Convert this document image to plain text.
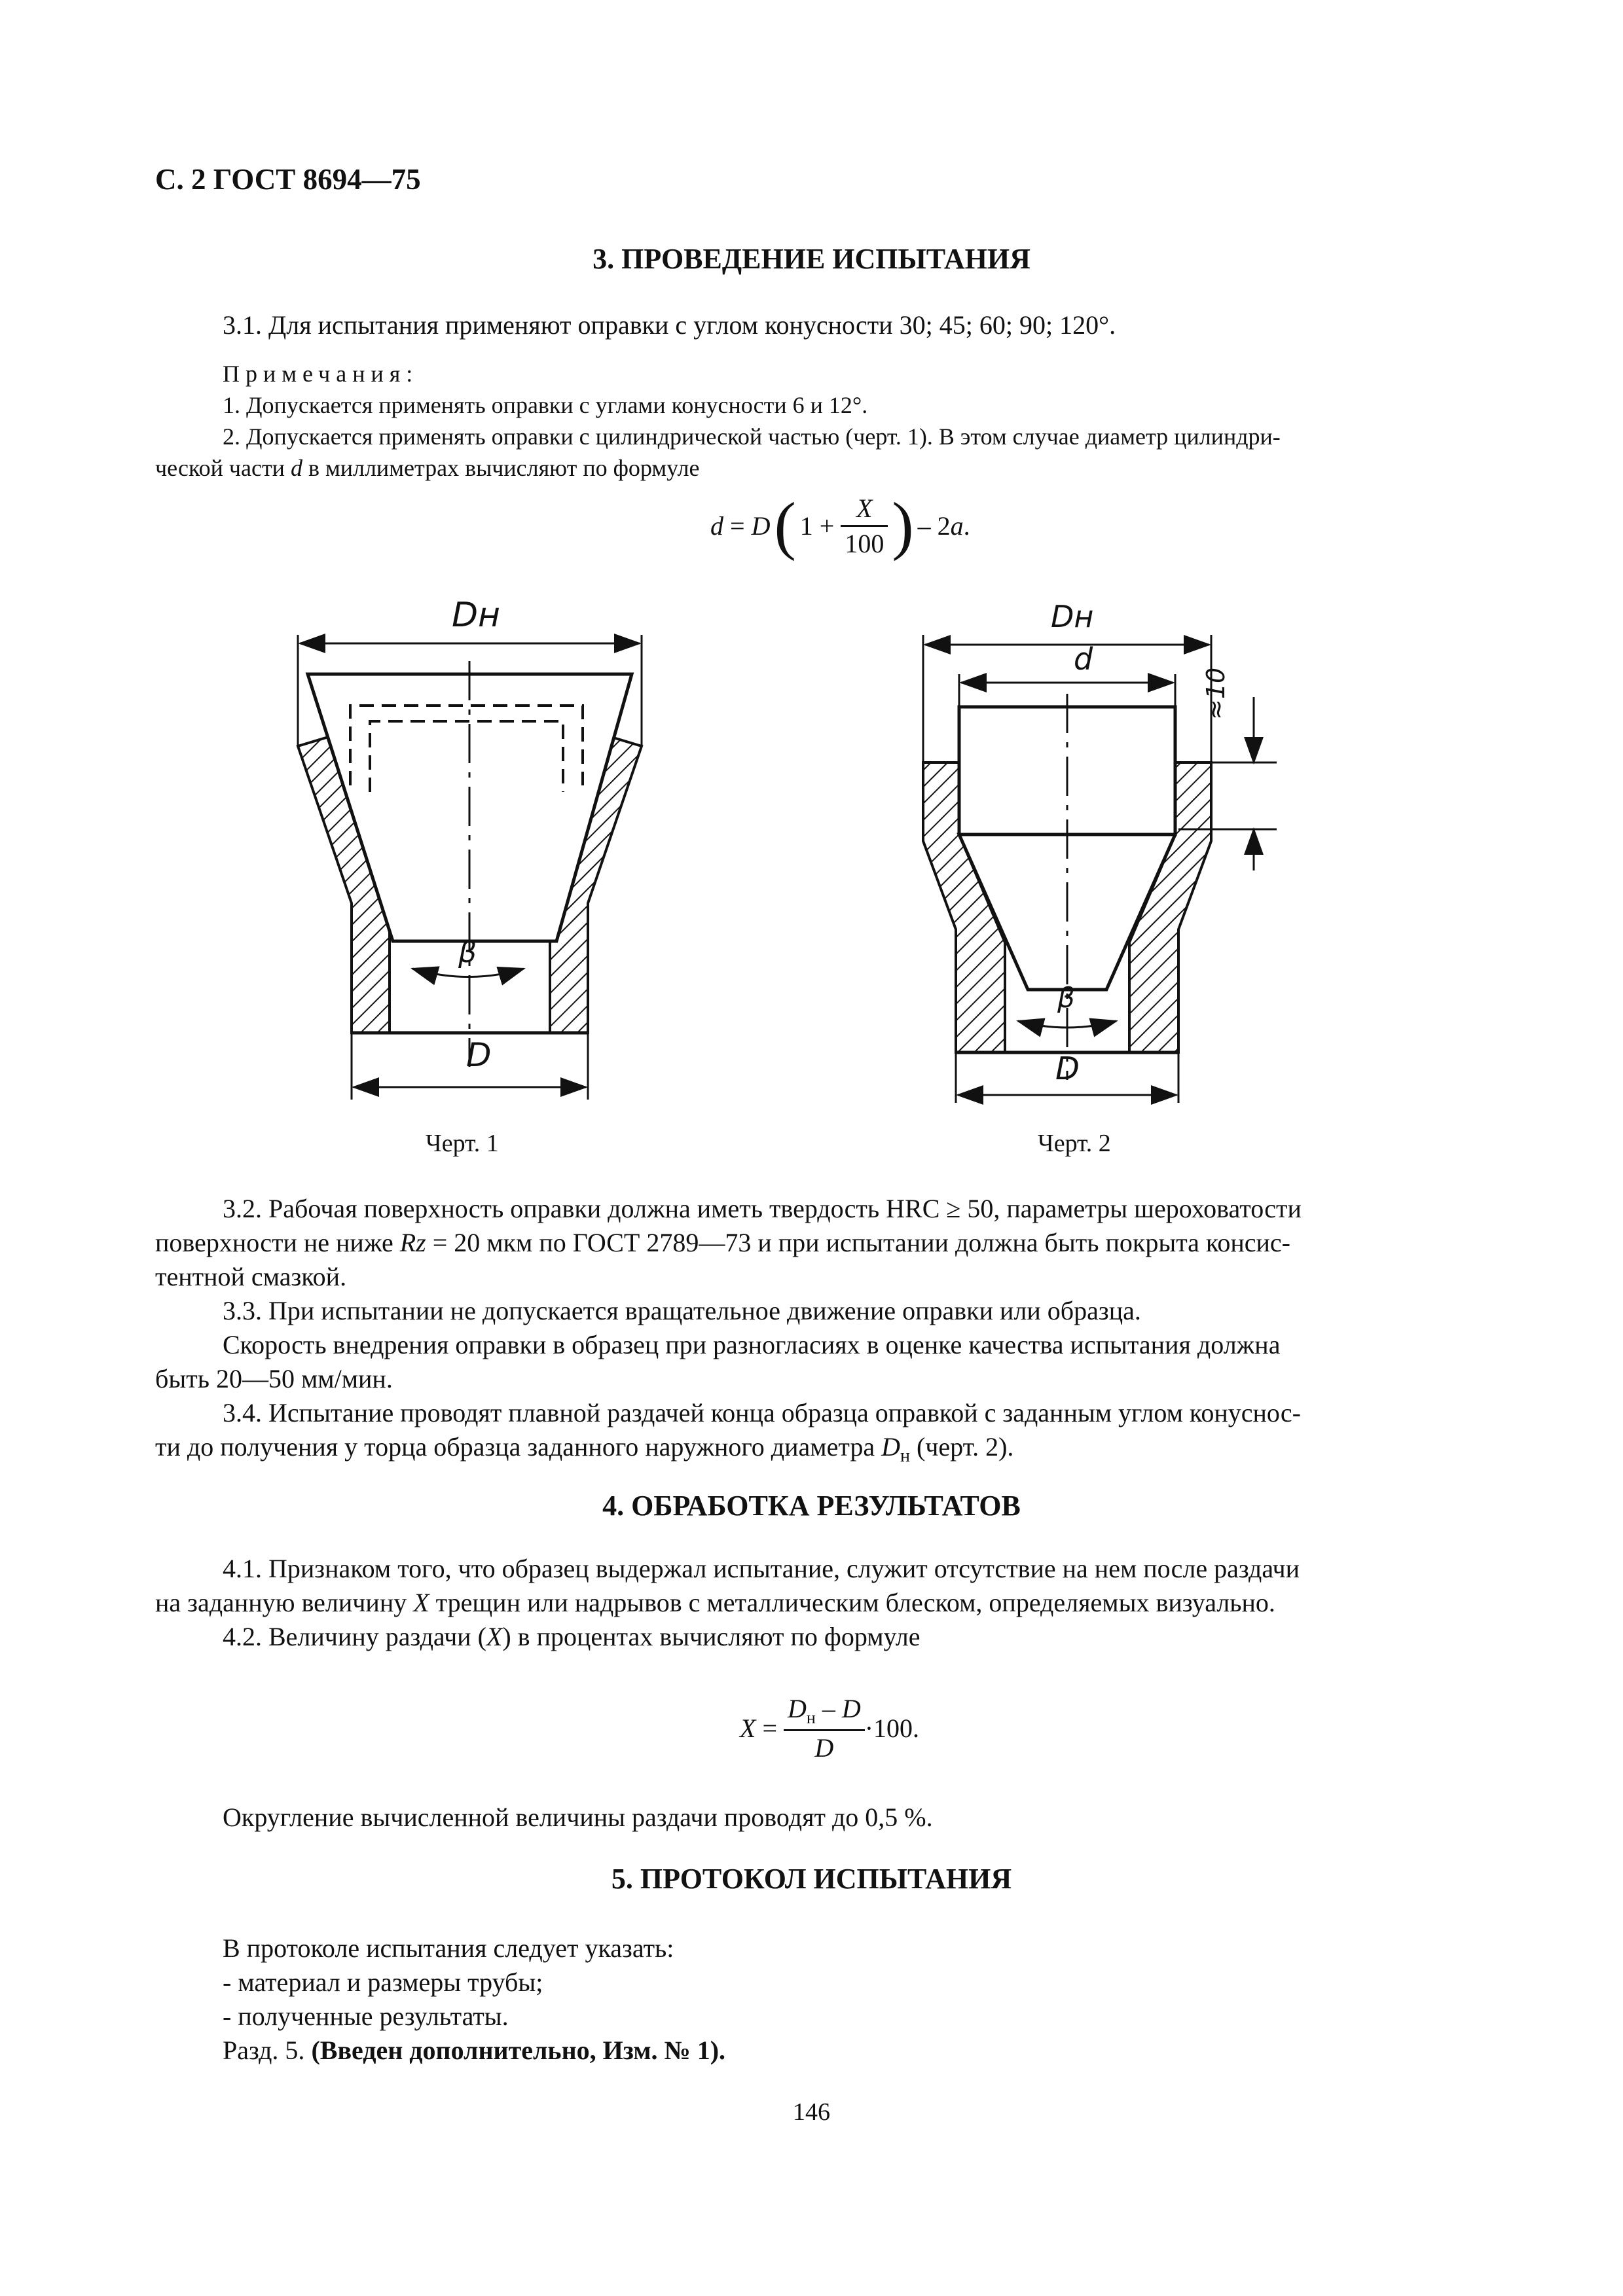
С. 2 ГОСТ 8694—75
3. ПРОВЕДЕНИЕ ИСПЫТАНИЯ
3.1. Для испытания применяют оправки с углом конусности 30; 45; 60; 90; 120°.
Примечания:
1. Допускается применять оправки с углами конусности 6 и 12°.
2. Допускается применять оправки с цилиндрической частью (черт. 1). В этом случае диаметр цилиндри-
ческой части d в миллиметрах вычисляют по формуле
d
=
D ( 1 +
$\frac{X}{100}$ ) – 2 a .
Dн
β
D
Черт. 1
Dн
d
β
D
≈10
Черт. 2
3.2. Рабочая поверхность оправки должна иметь твердость HRC ≥ 50, параметры шероховатости
поверхности не ниже Rz = 20 мкм по ГОСТ 2789—73 и при испытании должна быть покрыта консис-
тентной смазкой.
3.3. При испытании не допускается вращательное движение оправки или образца.
Скорость внедрения оправки в образец при разногласиях в оценке качества испытания должна
быть 20—50 мм/мин.
3.4. Испытание проводят плавной раздачей конца образца оправкой с заданным углом конуснос-
ти до получения у торца образца заданного наружного диаметра $D_н$ (черт. 2).
4. ОБРАБОТКА РЕЗУЛЬТАТОВ
4.1. Признаком того, что образец выдержал испытание, служит отсутствие на нем после раздачи
на заданную величину X трещин или надрывов с металлическим блеском, определяемых визуально.
4.2. Величину раздачи (X) в процентах вычисляют по формуле
X
=
$\frac{D_н - D}{D} \cdot 100$.
Округление вычисленной величины раздачи проводят до 0,5 %.
5. ПРОТОКОЛ ИСПЫТАНИЯ
В протоколе испытания следует указать:
- материал и размеры трубы;
- полученные результаты.
Разд. 5. (Введен дополнительно, Изм. № 1).
146
